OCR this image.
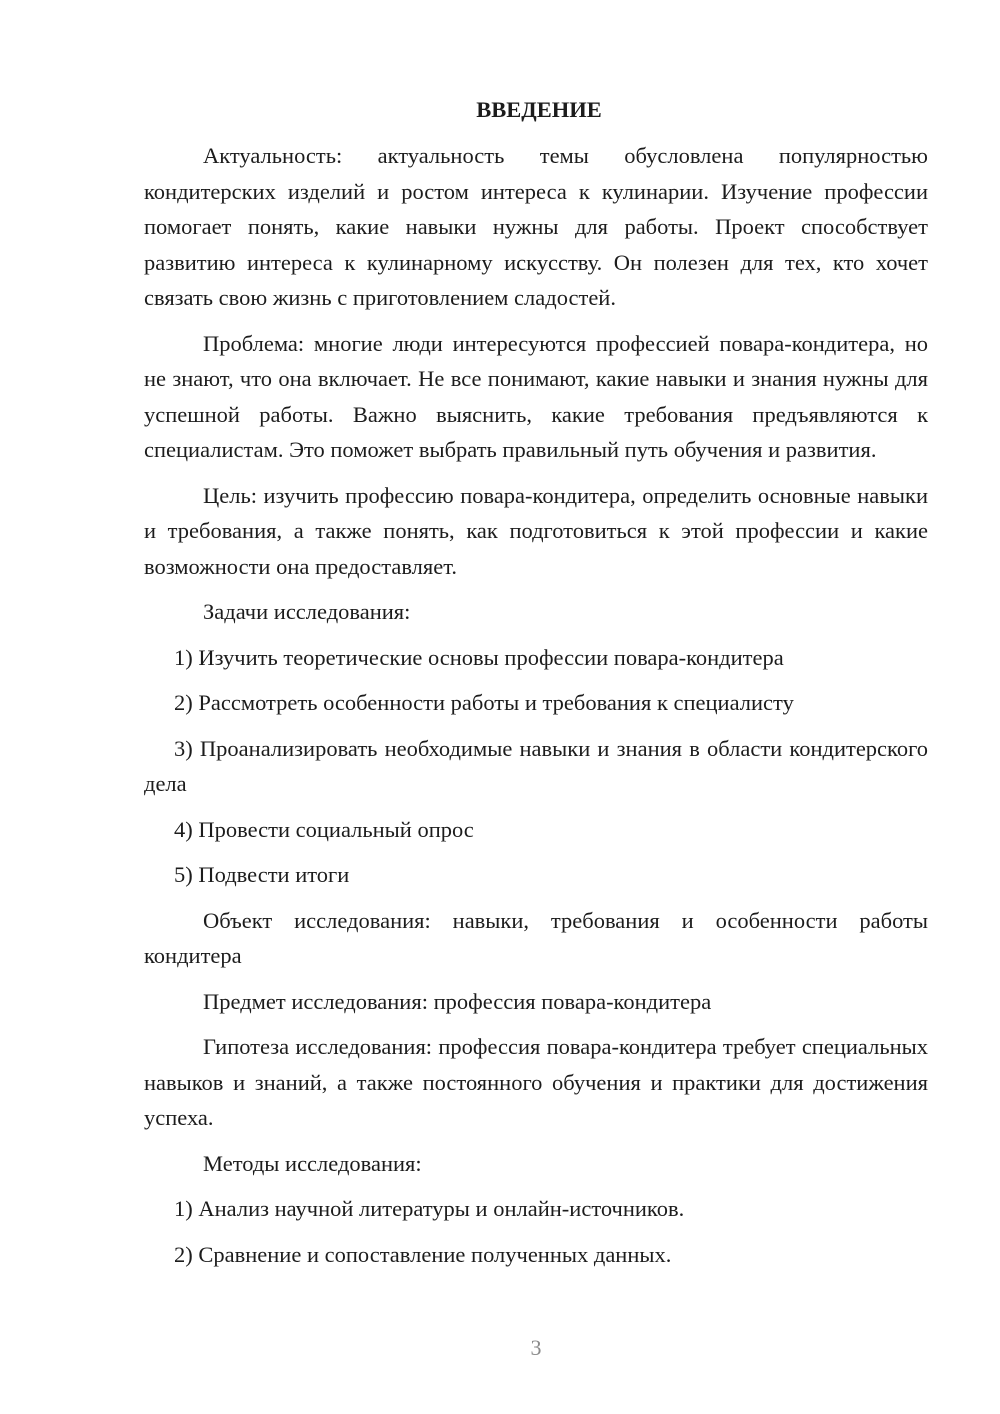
ВВЕДЕНИЕ

Актуальность: актуальность темы обусловлена популярностью кондитерских изделий и ростом интереса к кулинарии. Изучение профессии помогает понять, какие навыки нужны для работы. Проект способствует развитию интереса к кулинарному искусству. Он полезен для тех, кто хочет связать свою жизнь с приготовлением сладостей.

Проблема: многие люди интересуются профессией повара-кондитера, но не знают, что она включает. Не все понимают, какие навыки и знания нужны для успешной работы. Важно выяснить, какие требования предъявляются к специалистам. Это поможет выбрать правильный путь обучения и развития.

Цель: изучить профессию повара-кондитера, определить основные навыки и требования, а также понять, как подготовиться к этой профессии и какие возможности она предоставляет.

Задачи исследования:

1) Изучить теоретические основы профессии повара-кондитера

2) Рассмотреть особенности работы и требования к специалисту

3) Проанализировать необходимые навыки и знания в области кондитерского дела

4) Провести социальный опрос

5) Подвести итоги

Объект исследования: навыки, требования и особенности работы кондитера

Предмет исследования: профессия повара-кондитера

Гипотеза исследования: профессия повара-кондитера требует специальных навыков и знаний, а также постоянного обучения и практики для достижения успеха.

Методы исследования:

1) Анализ научной литературы и онлайн-источников.

2) Сравнение и сопоставление полученных данных.

3
